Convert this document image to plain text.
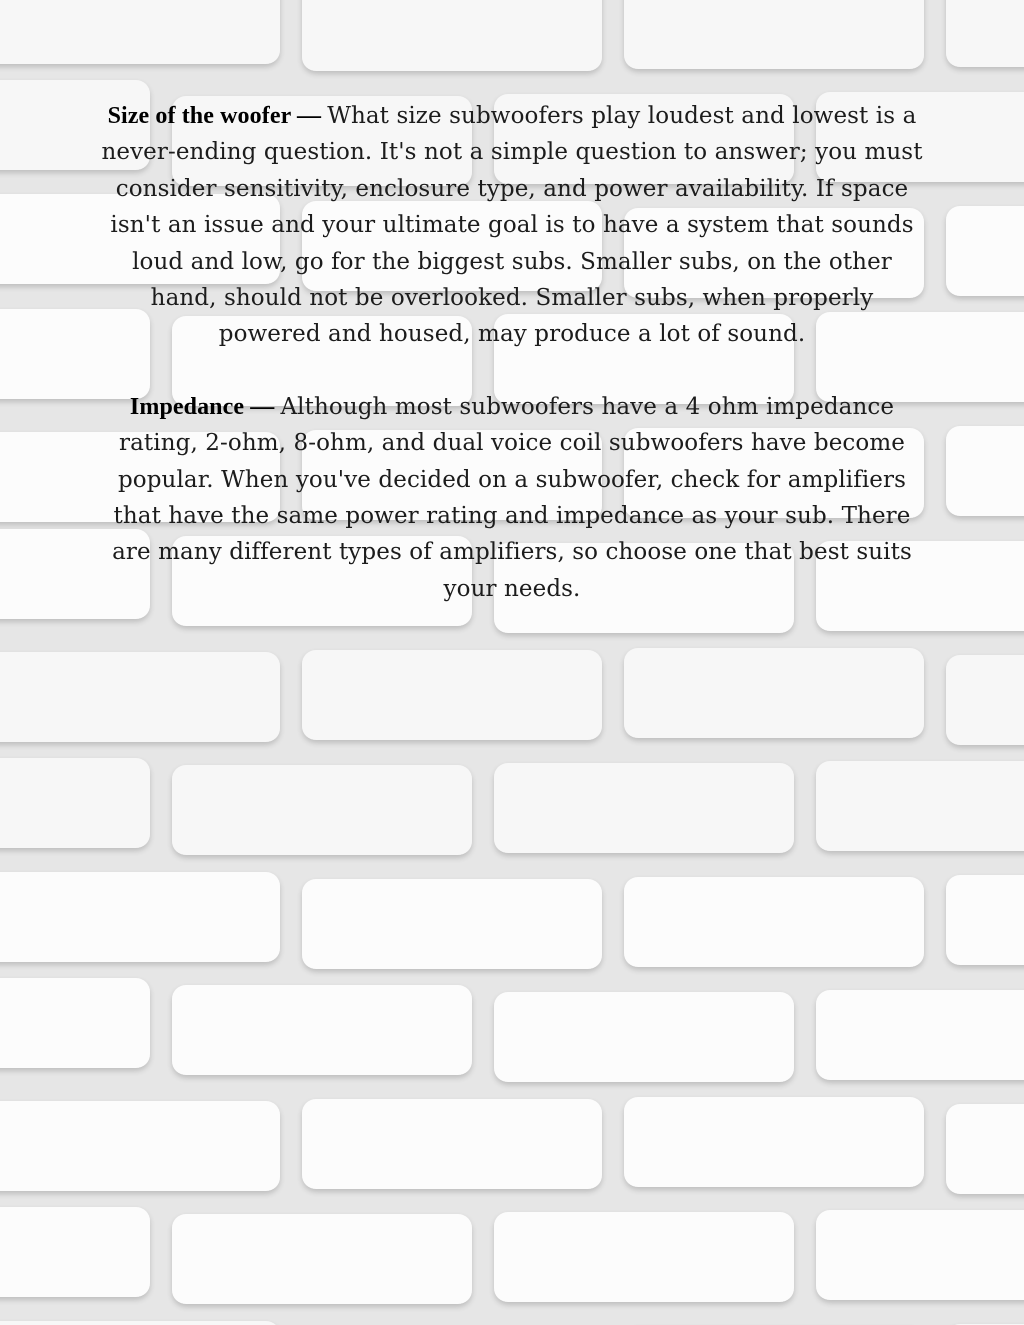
Size of the woofer — What size subwoofers play loudest and lowest is a never-ending question. It's not a simple question to answer; you must consider sensitivity, enclosure type, and power availability. If space isn't an issue and your ultimate goal is to have a system that sounds loud and low, go for the biggest subs. Smaller subs, on the other hand, should not be overlooked. Smaller subs, when properly powered and housed, may produce a lot of sound.

Impedance — Although most subwoofers have a 4 ohm impedance rating, 2-ohm, 8-ohm, and dual voice coil subwoofers have become popular. When you've decided on a subwoofer, check for amplifiers that have the same power rating and impedance as your sub. There are many different types of amplifiers, so choose one that best suits your needs.
